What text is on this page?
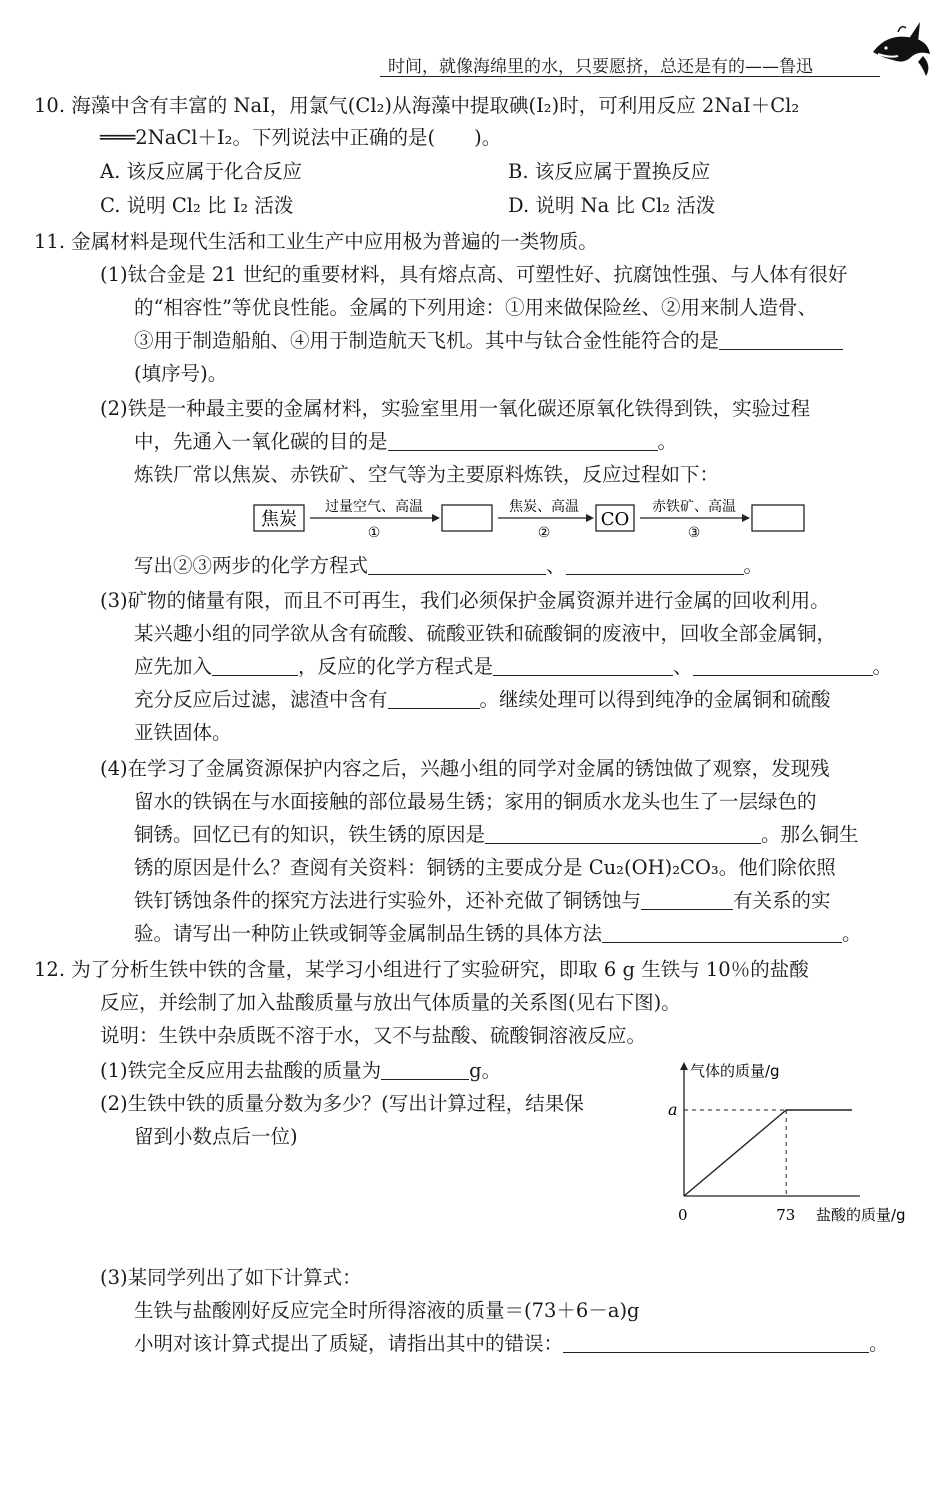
时间，就像海绵里的水，只要愿挤，总还是有的——鲁迅
10. 海藻中含有丰富的 NaI，用氯气(Cl₂)从海藻中提取碘(I₂)时，可利用反应 2NaI＋Cl₂
═══2NaCl＋I₂。下列说法中正确的是(　　)。
A. 该反应属于化合反应	B. 该反应属于置换反应
C. 说明 Cl₂ 比 I₂ 活泼	D. 说明 Na 比 Cl₂ 活泼
11. 金属材料是现代生活和工业生产中应用极为普遍的一类物质。
(1)钛合金是 21 世纪的重要材料，具有熔点高、可塑性好、抗腐蚀性强、与人体有很好
的“相容性”等优良性能。金属的下列用途：①用来做保险丝、②用来制人造骨、
③用于制造船舶、④用于制造航天飞机。其中与钛合金性能符合的是
(填序号)。
(2)铁是一种最主要的金属材料，实验室里用一氧化碳还原氧化铁得到铁，实验过程
中，先通入一氧化碳的目的是	。
炼铁厂常以焦炭、赤铁矿、空气等为主要原料炼铁，反应过程如下：
焦炭
过量空气、高温
①
焦炭、高温
②
CO
赤铁矿、高温
③
写出②③两步的化学方程式	、	。
(3)矿物的储量有限，而且不可再生，我们必须保护金属资源并进行金属的回收利用。
某兴趣小组的同学欲从含有硫酸、硫酸亚铁和硫酸铜的废液中，回收全部金属铜，
应先加入	，反应的化学方程式是	、	。
充分反应后过滤，滤渣中含有	。继续处理可以得到纯净的金属铜和硫酸
亚铁固体。
(4)在学习了金属资源保护内容之后，兴趣小组的同学对金属的锈蚀做了观察，发现残
留水的铁锅在与水面接触的部位最易生锈；家用的铜质水龙头也生了一层绿色的
铜锈。回忆已有的知识，铁生锈的原因是	。那么铜生
锈的原因是什么？查阅有关资料：铜锈的主要成分是 Cu₂(OH)₂CO₃。他们除依照
铁钉锈蚀条件的探究方法进行实验外，还补充做了铜锈蚀与	有关系的实
验。请写出一种防止铁或铜等金属制品生锈的具体方法	。
12. 为了分析生铁中铁的含量，某学习小组进行了实验研究，即取 6 g 生铁与 10％的盐酸
反应，并绘制了加入盐酸质量与放出气体质量的关系图(见右下图)。
说明：生铁中杂质既不溶于水，又不与盐酸、硫酸铜溶液反应。
(1)铁完全反应用去盐酸的质量为	g。
(2)生铁中铁的质量分数为多少？(写出计算过程，结果保
留到小数点后一位)
气体的质量/g
盐酸的质量/g
0	73
a
(3)某同学列出了如下计算式：
生铁与盐酸刚好反应完全时所得溶液的质量＝(73＋6－a)g
小明对该计算式提出了质疑，请指出其中的错误：	。
